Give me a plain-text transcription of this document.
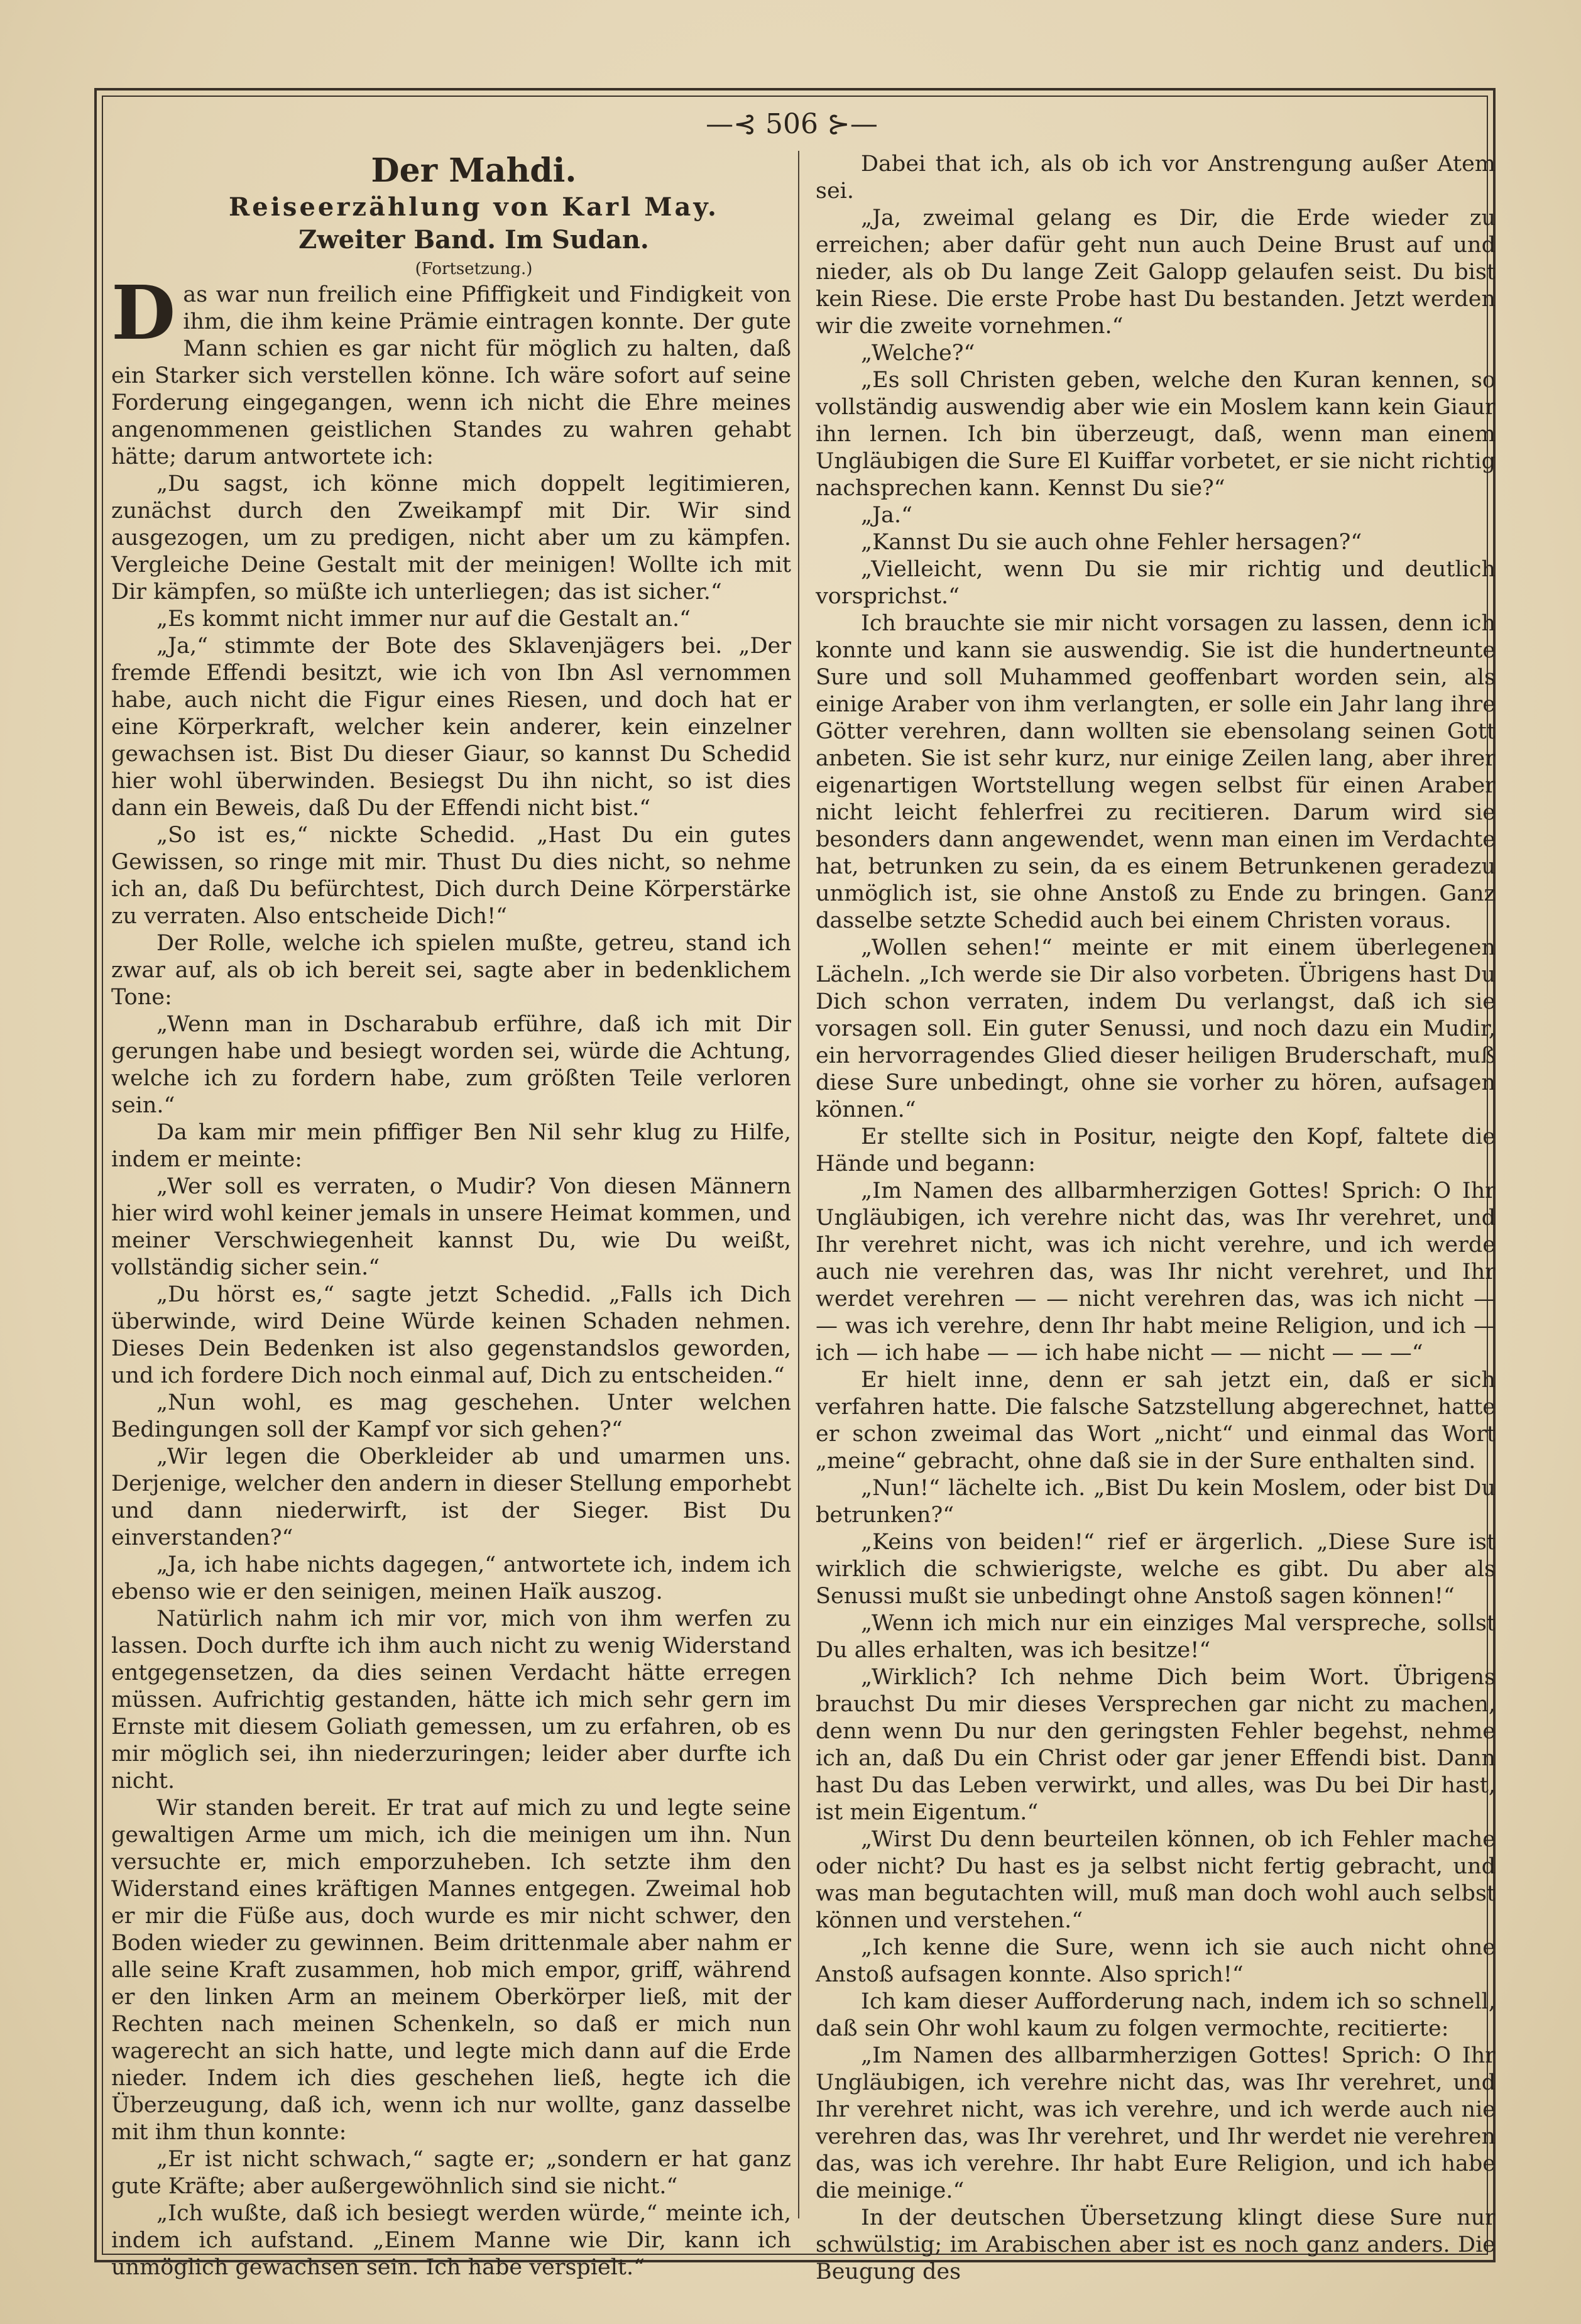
—⊰ 506 ⊱—

Der Mahdi.

Reiseerzählung von Karl May.

Zweiter Band. Im Sudan.

(Fortsetzung.)

Das war nun freilich eine Pfiffigkeit und Findigkeit von ihm, die ihm keine Prämie eintragen konnte. Der gute Mann schien es gar nicht für möglich zu halten, daß ein Starker sich verstellen könne. Ich wäre sofort auf seine Forderung eingegangen, wenn ich nicht die Ehre meines angenommenen geistlichen Standes zu wahren gehabt hätte; darum antwortete ich:

„Du sagst, ich könne mich doppelt legitimieren, zunächst durch den Zweikampf mit Dir. Wir sind ausgezogen, um zu predigen, nicht aber um zu kämpfen. Vergleiche Deine Gestalt mit der meinigen! Wollte ich mit Dir kämpfen, so müßte ich unterliegen; das ist sicher.“

„Es kommt nicht immer nur auf die Gestalt an.“

„Ja,“ stimmte der Bote des Sklavenjägers bei. „Der fremde Effendi besitzt, wie ich von Ibn Asl vernommen habe, auch nicht die Figur eines Riesen, und doch hat er eine Körperkraft, welcher kein anderer, kein einzelner gewachsen ist. Bist Du dieser Giaur, so kannst Du Schedid hier wohl überwinden. Besiegst Du ihn nicht, so ist dies dann ein Beweis, daß Du der Effendi nicht bist.“

„So ist es,“ nickte Schedid. „Hast Du ein gutes Gewissen, so ringe mit mir. Thust Du dies nicht, so nehme ich an, daß Du befürchtest, Dich durch Deine Körperstärke zu verraten. Also entscheide Dich!“

Der Rolle, welche ich spielen mußte, getreu, stand ich zwar auf, als ob ich bereit sei, sagte aber in bedenklichem Tone:

„Wenn man in Dscharabub erführe, daß ich mit Dir gerungen habe und besiegt worden sei, würde die Achtung, welche ich zu fordern habe, zum größten Teile verloren sein.“

Da kam mir mein pfiffiger Ben Nil sehr klug zu Hilfe, indem er meinte:

„Wer soll es verraten, o Mudir? Von diesen Männern hier wird wohl keiner jemals in unsere Heimat kommen, und meiner Verschwiegenheit kannst Du, wie Du weißt, vollständig sicher sein.“

„Du hörst es,“ sagte jetzt Schedid. „Falls ich Dich überwinde, wird Deine Würde keinen Schaden nehmen. Dieses Dein Bedenken ist also gegenstandslos geworden, und ich fordere Dich noch einmal auf, Dich zu entscheiden.“

„Nun wohl, es mag geschehen. Unter welchen Bedingungen soll der Kampf vor sich gehen?“

„Wir legen die Oberkleider ab und umarmen uns. Derjenige, welcher den andern in dieser Stellung emporhebt und dann niederwirft, ist der Sieger. Bist Du einverstanden?“

„Ja, ich habe nichts dagegen,“ antwortete ich, indem ich ebenso wie er den seinigen, meinen Haïk auszog.

Natürlich nahm ich mir vor, mich von ihm werfen zu lassen. Doch durfte ich ihm auch nicht zu wenig Widerstand entgegensetzen, da dies seinen Verdacht hätte erregen müssen. Aufrichtig gestanden, hätte ich mich sehr gern im Ernste mit diesem Goliath gemessen, um zu erfahren, ob es mir möglich sei, ihn niederzuringen; leider aber durfte ich nicht.

Wir standen bereit. Er trat auf mich zu und legte seine gewaltigen Arme um mich, ich die meinigen um ihn. Nun versuchte er, mich emporzuheben. Ich setzte ihm den Widerstand eines kräftigen Mannes entgegen. Zweimal hob er mir die Füße aus, doch wurde es mir nicht schwer, den Boden wieder zu gewinnen. Beim drittenmale aber nahm er alle seine Kraft zusammen, hob mich empor, griff, während er den linken Arm an meinem Oberkörper ließ, mit der Rechten nach meinen Schenkeln, so daß er mich nun wagerecht an sich hatte, und legte mich dann auf die Erde nieder. Indem ich dies geschehen ließ, hegte ich die Überzeugung, daß ich, wenn ich nur wollte, ganz dasselbe mit ihm thun konnte:

„Er ist nicht schwach,“ sagte er; „sondern er hat ganz gute Kräfte; aber außergewöhnlich sind sie nicht.“

„Ich wußte, daß ich besiegt werden würde,“ meinte ich, indem ich aufstand. „Einem Manne wie Dir, kann ich unmöglich gewachsen sein. Ich habe verspielt.“

Dabei that ich, als ob ich vor Anstrengung außer Atem sei.

„Ja, zweimal gelang es Dir, die Erde wieder zu erreichen; aber dafür geht nun auch Deine Brust auf und nieder, als ob Du lange Zeit Galopp gelaufen seist. Du bist kein Riese. Die erste Probe hast Du bestanden. Jetzt werden wir die zweite vornehmen.“

„Welche?“

„Es soll Christen geben, welche den Kuran kennen, so vollständig auswendig aber wie ein Moslem kann kein Giaur ihn lernen. Ich bin überzeugt, daß, wenn man einem Ungläubigen die Sure El Kuiffar vorbetet, er sie nicht richtig nachsprechen kann. Kennst Du sie?“

„Ja.“

„Kannst Du sie auch ohne Fehler hersagen?“

„Vielleicht, wenn Du sie mir richtig und deutlich vorsprichst.“

Ich brauchte sie mir nicht vorsagen zu lassen, denn ich konnte und kann sie auswendig. Sie ist die hundertneunte Sure und soll Muhammed geoffenbart worden sein, als einige Araber von ihm verlangten, er solle ein Jahr lang ihre Götter verehren, dann wollten sie ebensolang seinen Gott anbeten. Sie ist sehr kurz, nur einige Zeilen lang, aber ihrer eigenartigen Wortstellung wegen selbst für einen Araber nicht leicht fehlerfrei zu recitieren. Darum wird sie besonders dann angewendet, wenn man einen im Verdachte hat, betrunken zu sein, da es einem Betrunkenen geradezu unmöglich ist, sie ohne Anstoß zu Ende zu bringen. Ganz dasselbe setzte Schedid auch bei einem Christen voraus.

„Wollen sehen!“ meinte er mit einem überlegenen Lächeln. „Ich werde sie Dir also vorbeten. Übrigens hast Du Dich schon verraten, indem Du verlangst, daß ich sie vorsagen soll. Ein guter Senussi, und noch dazu ein Mudir, ein hervorragendes Glied dieser heiligen Bruderschaft, muß diese Sure unbedingt, ohne sie vorher zu hören, aufsagen können.“

Er stellte sich in Positur, neigte den Kopf, faltete die Hände und begann:

„Im Namen des allbarmherzigen Gottes! Sprich: O Ihr Ungläubigen, ich verehre nicht das, was Ihr verehret, und Ihr verehret nicht, was ich nicht verehre, und ich werde auch nie verehren das, was Ihr nicht verehret, und Ihr werdet verehren — — nicht verehren das, was ich nicht — — was ich verehre, denn Ihr habt meine Religion, und ich — ich — ich habe — — ich habe nicht — — nicht — — —“

Er hielt inne, denn er sah jetzt ein, daß er sich verfahren hatte. Die falsche Satzstellung abgerechnet, hatte er schon zweimal das Wort „nicht“ und einmal das Wort „meine“ gebracht, ohne daß sie in der Sure enthalten sind.

„Nun!“ lächelte ich. „Bist Du kein Moslem, oder bist Du betrunken?“

„Keins von beiden!“ rief er ärgerlich. „Diese Sure ist wirklich die schwierigste, welche es gibt. Du aber als Senussi mußt sie unbedingt ohne Anstoß sagen können!“

„Wenn ich mich nur ein einziges Mal verspreche, sollst Du alles erhalten, was ich besitze!“

„Wirklich? Ich nehme Dich beim Wort. Übrigens brauchst Du mir dieses Versprechen gar nicht zu machen, denn wenn Du nur den geringsten Fehler begehst, nehme ich an, daß Du ein Christ oder gar jener Effendi bist. Dann hast Du das Leben verwirkt, und alles, was Du bei Dir hast, ist mein Eigentum.“

„Wirst Du denn beurteilen können, ob ich Fehler mache oder nicht? Du hast es ja selbst nicht fertig gebracht, und was man begutachten will, muß man doch wohl auch selbst können und verstehen.“

„Ich kenne die Sure, wenn ich sie auch nicht ohne Anstoß aufsagen konnte. Also sprich!“

Ich kam dieser Aufforderung nach, indem ich so schnell, daß sein Ohr wohl kaum zu folgen vermochte, recitierte:

„Im Namen des allbarmherzigen Gottes! Sprich: O Ihr Ungläubigen, ich verehre nicht das, was Ihr verehret, und Ihr verehret nicht, was ich verehre, und ich werde auch nie verehren das, was Ihr verehret, und Ihr werdet nie verehren das, was ich verehre. Ihr habt Eure Religion, und ich habe die meinige.“

In der deutschen Übersetzung klingt diese Sure nur schwülstig; im Arabischen aber ist es noch ganz anders. Die Beugung des
